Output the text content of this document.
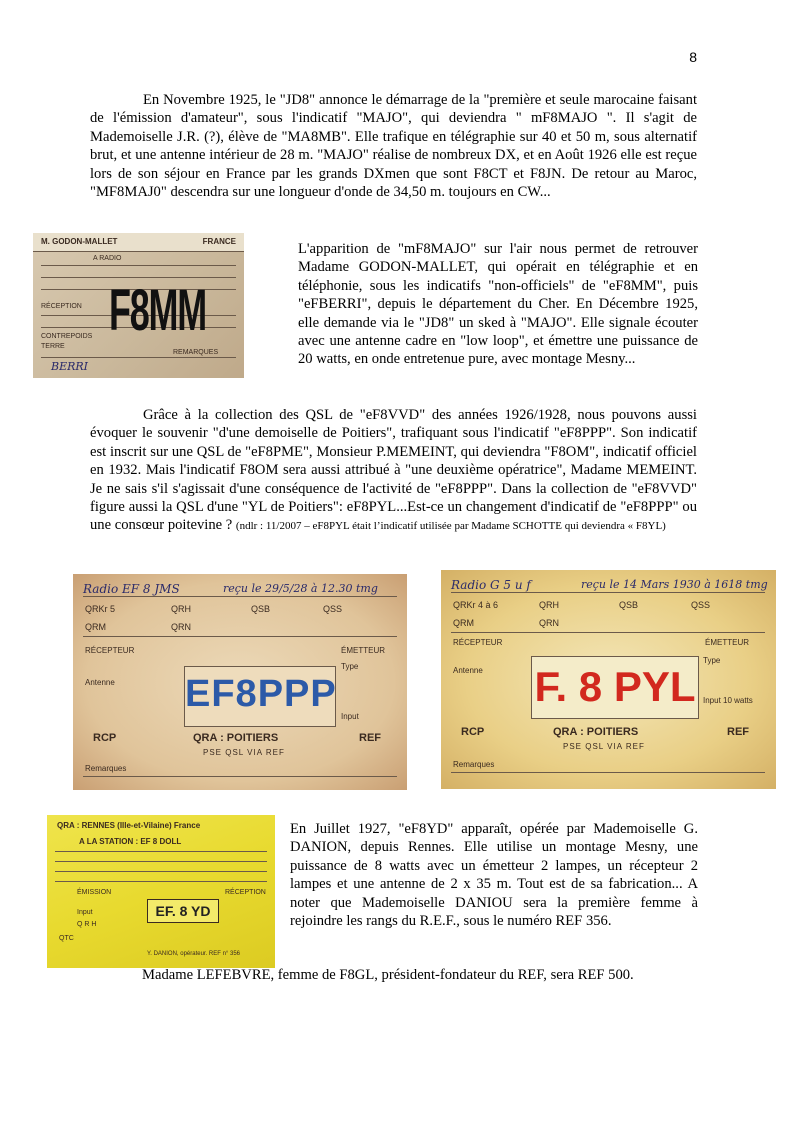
8

En Novembre 1925, le "JD8" annonce le démarrage de la "première et seule marocaine faisant de l'émission d'amateur", sous l'indicatif "MAJO", qui deviendra " mF8MAJO ". Il s'agit de Mademoiselle J.R. (?), élève de "MA8MB". Elle trafique en télégraphie sur 40 et 50 m, sous alternatif brut, et une antenne intérieur de 28 m. "MAJO" réalise de nombreux DX, et en Août 1926 elle est reçue lors de son séjour en France par les grands DXmen que sont F8CT et F8JN. De retour au Maroc, "MF8MAJ0" descendra sur une longueur d'onde de 34,50 m. toujours en CW...

M. GODON-MALLET	FRANCE
A RADIO
RÉCEPTION
CONTREPOIDS
TERRE
REMARQUES
F8MM
BERRI

L'apparition de "mF8MAJO" sur l'air nous permet de retrouver Madame GODON-MALLET, qui opérait en télégraphie et en téléphonie, sous les indicatifs "non-officiels" de "eF8MM", puis "eFBERRI", depuis le département du Cher. En Décembre 1925, elle demande via le "JD8" un sked à "MAJO". Elle signale écouter avec une antenne cadre en "low loop", et émettre une puissance de 20 watts, en onde entretenue pure, avec montage Mesny...

Grâce à la collection des QSL de "eF8VVD" des années 1926/1928, nous pouvons aussi évoquer le souvenir "d'une demoiselle de Poitiers", trafiquant sous l'indicatif "eF8PPP". Son indicatif est inscrit sur une QSL de "eF8PME", Monsieur P.MEMEINT, qui deviendra "F8OM", indicatif officiel en 1932. Mais l'indicatif F8OM sera aussi attribué à "une deuxième opératrice", Madame MEMEINT. Je ne sais s'il s'agissait d'une conséquence de l'activité de "eF8PPP". Dans la collection de "eF8VVD" figure aussi la QSL d'une "YL de Poitiers": eF8PYL...Est-ce un changement d'indicatif de "eF8PPP" ou une consœur poitevine ? (ndlr : 11/2007 – eF8PYL était l’indicatif utilisée par Madame SCHOTTE qui deviendra « F8YL)

Radio EF 8 JMS	reçu le 29/5/28 à 12.30 tmg
QRKr 5	QRH	QSB	QSS
QRM	QRN
RÉCEPTEUR	ÉMETTEUR
Antenne
Type
Input
EF8PPP
RCP	QRA : POITIERS	REF
PSE QSL VIA REF
Remarques
Radio G 5 u f	reçu le 14 Mars 1930 à 1618 tmg
QRKr 4 à 6	QRH	QSB	QSS
QRM	QRN
RÉCEPTEUR	ÉMETTEUR
Antenne
Type
Input 10 watts
F. 8 PYL
RCP	QRA : POITIERS	REF
PSE QSL VIA REF
Remarques
QRA : RENNES (Ille-et-Vilaine) France
A LA STATION : EF 8 DOLL
ÉMISSION	RÉCEPTION
Input
Q R H
EF. 8 YD
QTC
Y. DANION, opérateur. REF n° 356

En Juillet 1927, "eF8YD" apparaît, opérée par Mademoiselle G. DANION, depuis Rennes. Elle utilise un montage Mesny, une puissance de 8 watts avec un émetteur 2 lampes, un récepteur 2 lampes et une antenne de 2 x 35 m. Tout est de sa fabrication... A noter que Mademoiselle DANIOU sera la première femme à rejoindre les rangs du R.E.F., sous le numéro REF 356.

Madame LEFEBVRE, femme de F8GL, président-fondateur du REF, sera REF 500.
